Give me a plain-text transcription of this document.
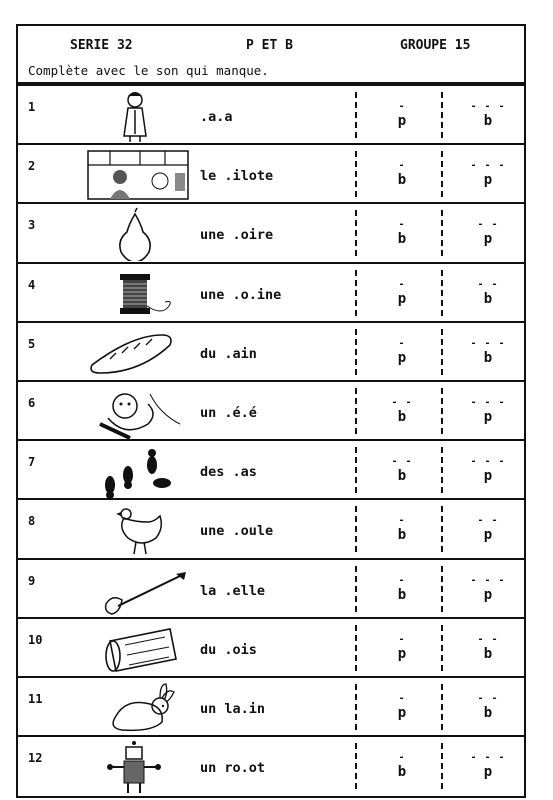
SERIE 32	P ET B	GROUPE 15
Complète avec le son qui manque.
1
.a.a
-
p
- - -
b
2
le .ilote
-
b
- - -
p
3
une .oire
-
b
- -
p
4
une .o.ine
-
p
- -
b
5
du .ain
-
p
- - -
b
6
un .é.é
- -
b
- - -
p
7
des .as
- -
b
- - -
p
8
une .oule
-
b
- -
p
9
la .elle
-
b
- - -
p
10
du .ois
-
p
- -
b
11
un la.in
-
p
- -
b
12
un ro.ot
-
b
- - -
p
